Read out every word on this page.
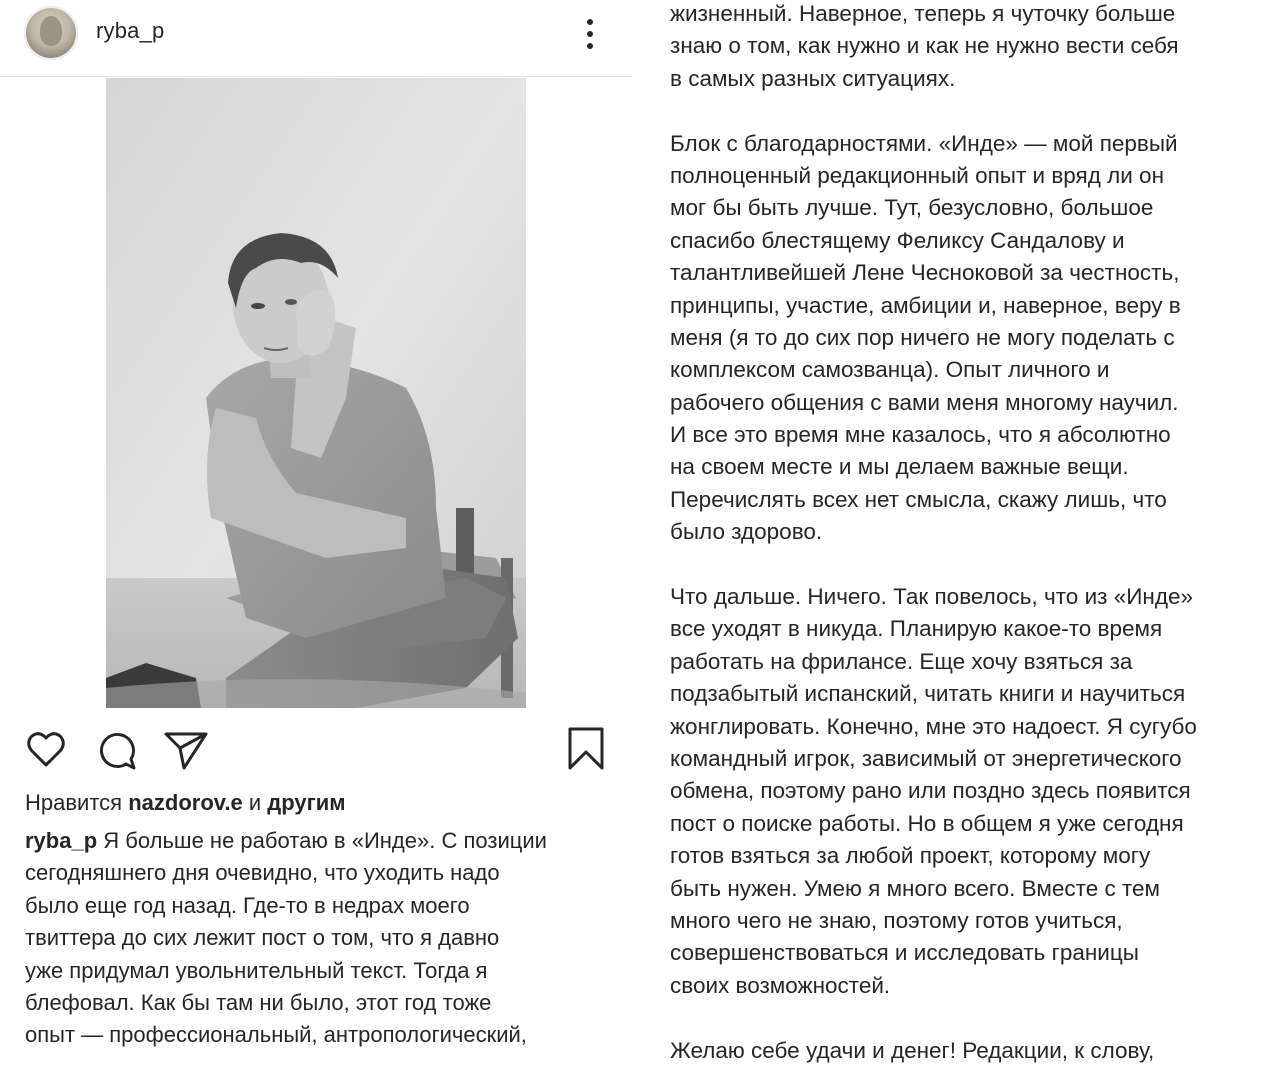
ryba_p
Нравится nazdorov.e и другим
ryba_p Я больше не работаю в «Инде». С позиции
сегодняшнего дня очевидно, что уходить надо
было еще год назад. Где-то в недрах моего
твиттера до сих лежит пост о том, что я давно
уже придумал увольнительный текст. Тогда я
блефовал. Как бы там ни было, этот год тоже
опыт — профессиональный, антропологический,
жизненный. Наверное, теперь я чуточку больше
знаю о том, как нужно и как не нужно вести себя
в самых разных ситуациях.
Блок с благодарностями. «Инде» — мой первый
полноценный редакционный опыт и вряд ли он
мог бы быть лучше. Тут, безусловно, большое
спасибо блестящему Феликсу Сандалову и
талантливейшей Лене Чесноковой за честность,
принципы, участие, амбиции и, наверное, веру в
меня (я то до сих пор ничего не могу поделать с
комплексом самозванца). Опыт личного и
рабочего общения с вами меня многому научил.
И все это время мне казалось, что я абсолютно
на своем месте и мы делаем важные вещи.
Перечислять всех нет смысла, скажу лишь, что
было здорово.
Что дальше. Ничего. Так повелось, что из «Инде»
все уходят в никуда. Планирую какое-то время
работать на фрилансе. Еще хочу взяться за
подзабытый испанский, читать книги и научиться
жонглировать. Конечно, мне это надоест. Я сугубо
командный игрок, зависимый от энергетического
обмена, поэтому рано или поздно здесь появится
пост о поиске работы. Но в общем я уже сегодня
готов взяться за любой проект, которому могу
быть нужен. Умею я много всего. Вместе с тем
много чего не знаю, поэтому готов учиться,
совершенствоваться и исследовать границы
своих возможностей.
Желаю себе удачи и денег! Редакции, к слову,
